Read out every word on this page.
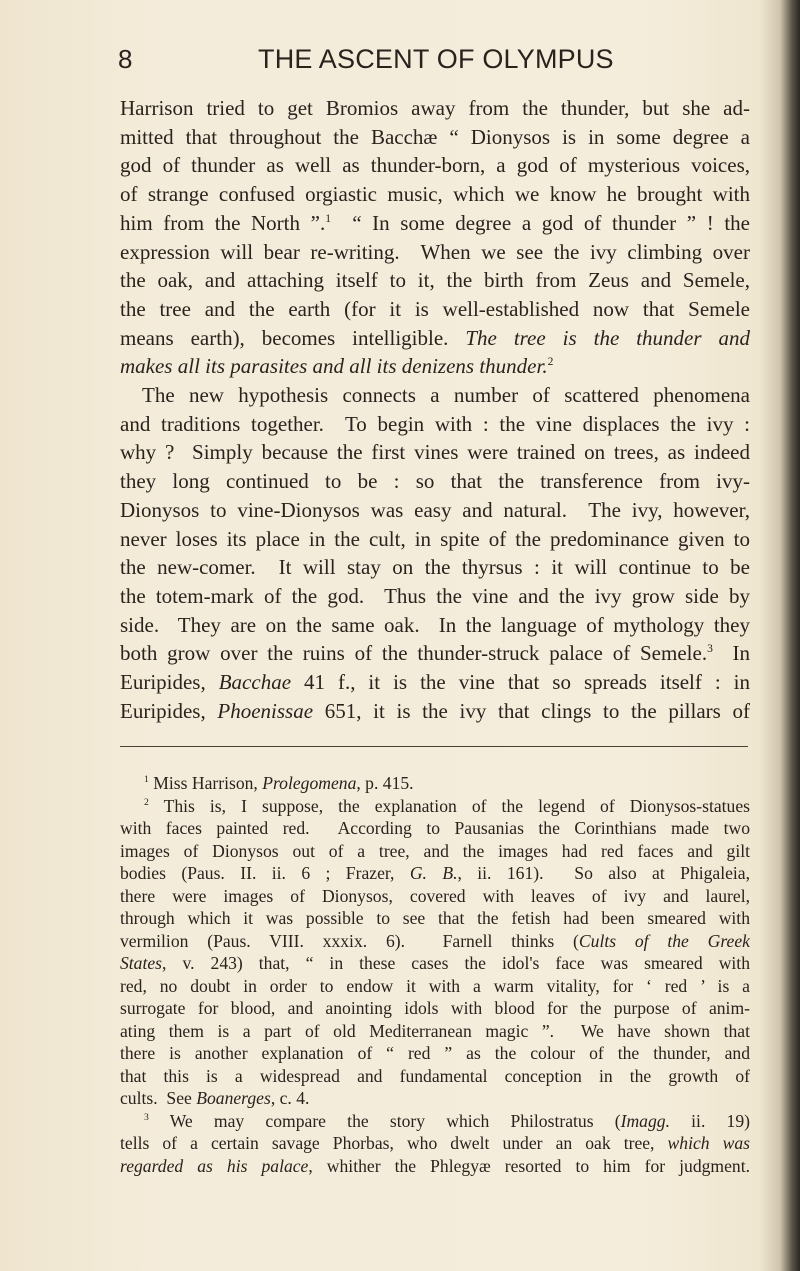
8	THE ASCENT OF OLYMPUS
Harrison tried to get Bromios away from the thunder, but she ad-
mitted that throughout the Bacchæ “ Dionysos is in some degree a
god of thunder as well as thunder-born, a god of mysterious voices,
of strange confused orgiastic music, which we know he brought with
him from the North ”.$^1$  “ In some degree a god of thunder ” ! the
expression will bear re-writing.  When we see the ivy climbing over
the oak, and attaching itself to it, the birth from Zeus and Semele,
the tree and the earth (for it is well-established now that Semele
means earth), becomes intelligible. The tree is the thunder and
makes all its parasites and all its denizens thunder.$^2$
The new hypothesis connects a number of scattered phenomena
and traditions together.  To begin with : the vine displaces the ivy :
why ?  Simply because the first vines were trained on trees, as indeed
they long continued to be : so that the transference from ivy-
Dionysos to vine-Dionysos was easy and natural.  The ivy, however,
never loses its place in the cult, in spite of the predominance given to
the new-comer.  It will stay on the thyrsus : it will continue to be
the totem-mark of the god.  Thus the vine and the ivy grow side by
side.  They are on the same oak.  In the language of mythology they
both grow over the ruins of the thunder-struck palace of Semele.$^3$  In
Euripides, Bacchae 41 f., it is the vine that so spreads itself : in
Euripides, Phoenissae 651, it is the ivy that clings to the pillars of
$^1$ Miss Harrison, Prolegomena, p. 415.
$^2$ This is, I suppose, the explanation of the legend of Dionysos-statues
with faces painted red.  According to Pausanias the Corinthians made two
images of Dionysos out of a tree, and the images had red faces and gilt
bodies (Paus. II. ii. 6 ; Frazer, G. B., ii. 161).  So also at Phigaleia,
there were images of Dionysos, covered with leaves of ivy and laurel,
through which it was possible to see that the fetish had been smeared with
vermilion (Paus. VIII. xxxix. 6).  Farnell thinks (Cults of the Greek
States, v. 243) that, “ in these cases the idol's face was smeared with
red, no doubt in order to endow it with a warm vitality, for ‘ red ’ is a
surrogate for blood, and anointing idols with blood for the purpose of anim-
ating them is a part of old Mediterranean magic ”.  We have shown that
there is another explanation of “ red ” as the colour of the thunder, and
that this is a widespread and fundamental conception in the growth of
cults.  See Boanerges, c. 4.
$^3$ We may compare the story which Philostratus (Imagg. ii. 19)
tells of a certain savage Phorbas, who dwelt under an oak tree, which was
regarded as his palace, whither the Phlegyæ resorted to him for judgment.
